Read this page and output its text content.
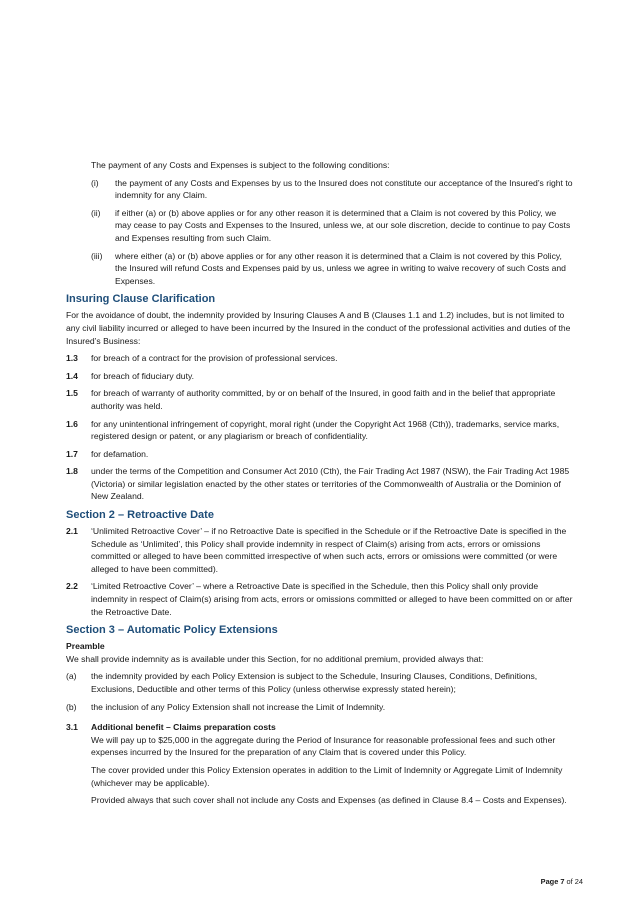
The payment of any Costs and Expenses is subject to the following conditions:

(i)	the payment of any Costs and Expenses by us to the Insured does not constitute our acceptance of the Insured’s right to indemnity for any Claim.
(ii)	if either (a) or (b) above applies or for any other reason it is determined that a Claim is not covered by this Policy, we may cease to pay Costs and Expenses to the Insured, unless we, at our sole discretion, decide to continue to pay Costs and Expenses resulting from such Claim.
(iii)	where either (a) or (b) above applies or for any other reason it is determined that a Claim is not covered by this Policy, the Insured will refund Costs and Expenses paid by us, unless we agree in writing to waive recovery of such Costs and Expenses.
Insuring Clause Clarification

For the avoidance of doubt, the indemnity provided by Insuring Clauses A and B (Clauses 1.1 and 1.2) includes, but is not limited to any civil liability incurred or alleged to have been incurred by the Insured in the conduct of the professional activities and duties of the Insured’s Business:

1.3	for breach of a contract for the provision of professional services.
1.4	for breach of fiduciary duty.
1.5	for breach of warranty of authority committed, by or on behalf of the Insured, in good faith and in the belief that appropriate authority was held.
1.6	for any unintentional infringement of copyright, moral right (under the Copyright Act 1968 (Cth)), trademarks, service marks, registered design or patent, or any plagiarism or breach of confidentiality.
1.7	for defamation.
1.8	under the terms of the Competition and Consumer Act 2010 (Cth), the Fair Trading Act 1987 (NSW), the Fair Trading Act 1985 (Victoria) or similar legislation enacted by the other states or territories of the Commonwealth of Australia or the Dominion of New Zealand.
Section 2 – Retroactive Date
2.1	‘Unlimited Retroactive Cover’ – if no Retroactive Date is specified in the Schedule or if the Retroactive Date is specified in the Schedule as ‘Unlimited’, this Policy shall provide indemnity in respect of Claim(s) arising from acts, errors or omissions committed or alleged to have been committed irrespective of when such acts, errors or omissions were committed (or were alleged to have been committed).
2.2	‘Limited Retroactive Cover’ – where a Retroactive Date is specified in the Schedule, then this Policy shall only provide indemnity in respect of Claim(s) arising from acts, errors or omissions committed or alleged to have been committed on or after the Retroactive Date.
Section 3 – Automatic Policy Extensions

Preamble

We shall provide indemnity as is available under this Section, for no additional premium, provided always that:

(a)	the indemnity provided by each Policy Extension is subject to the Schedule, Insuring Clauses, Conditions, Definitions, Exclusions, Deductible and other terms of this Policy (unless otherwise expressly stated herein);
(b)	the inclusion of any Policy Extension shall not increase the Limit of Indemnity.
3.1	Additional benefit – Claims preparation costs

We will pay up to $25,000 in the aggregate during the Period of Insurance for reasonable professional fees and such other expenses incurred by the Insured for the preparation of any Claim that is covered under this Policy.

The cover provided under this Policy Extension operates in addition to the Limit of Indemnity or Aggregate Limit of Indemnity (whichever may be applicable).

Provided always that such cover shall not include any Costs and Expenses (as defined in Clause 8.4 – Costs and Expenses).

Page 7 of 24
